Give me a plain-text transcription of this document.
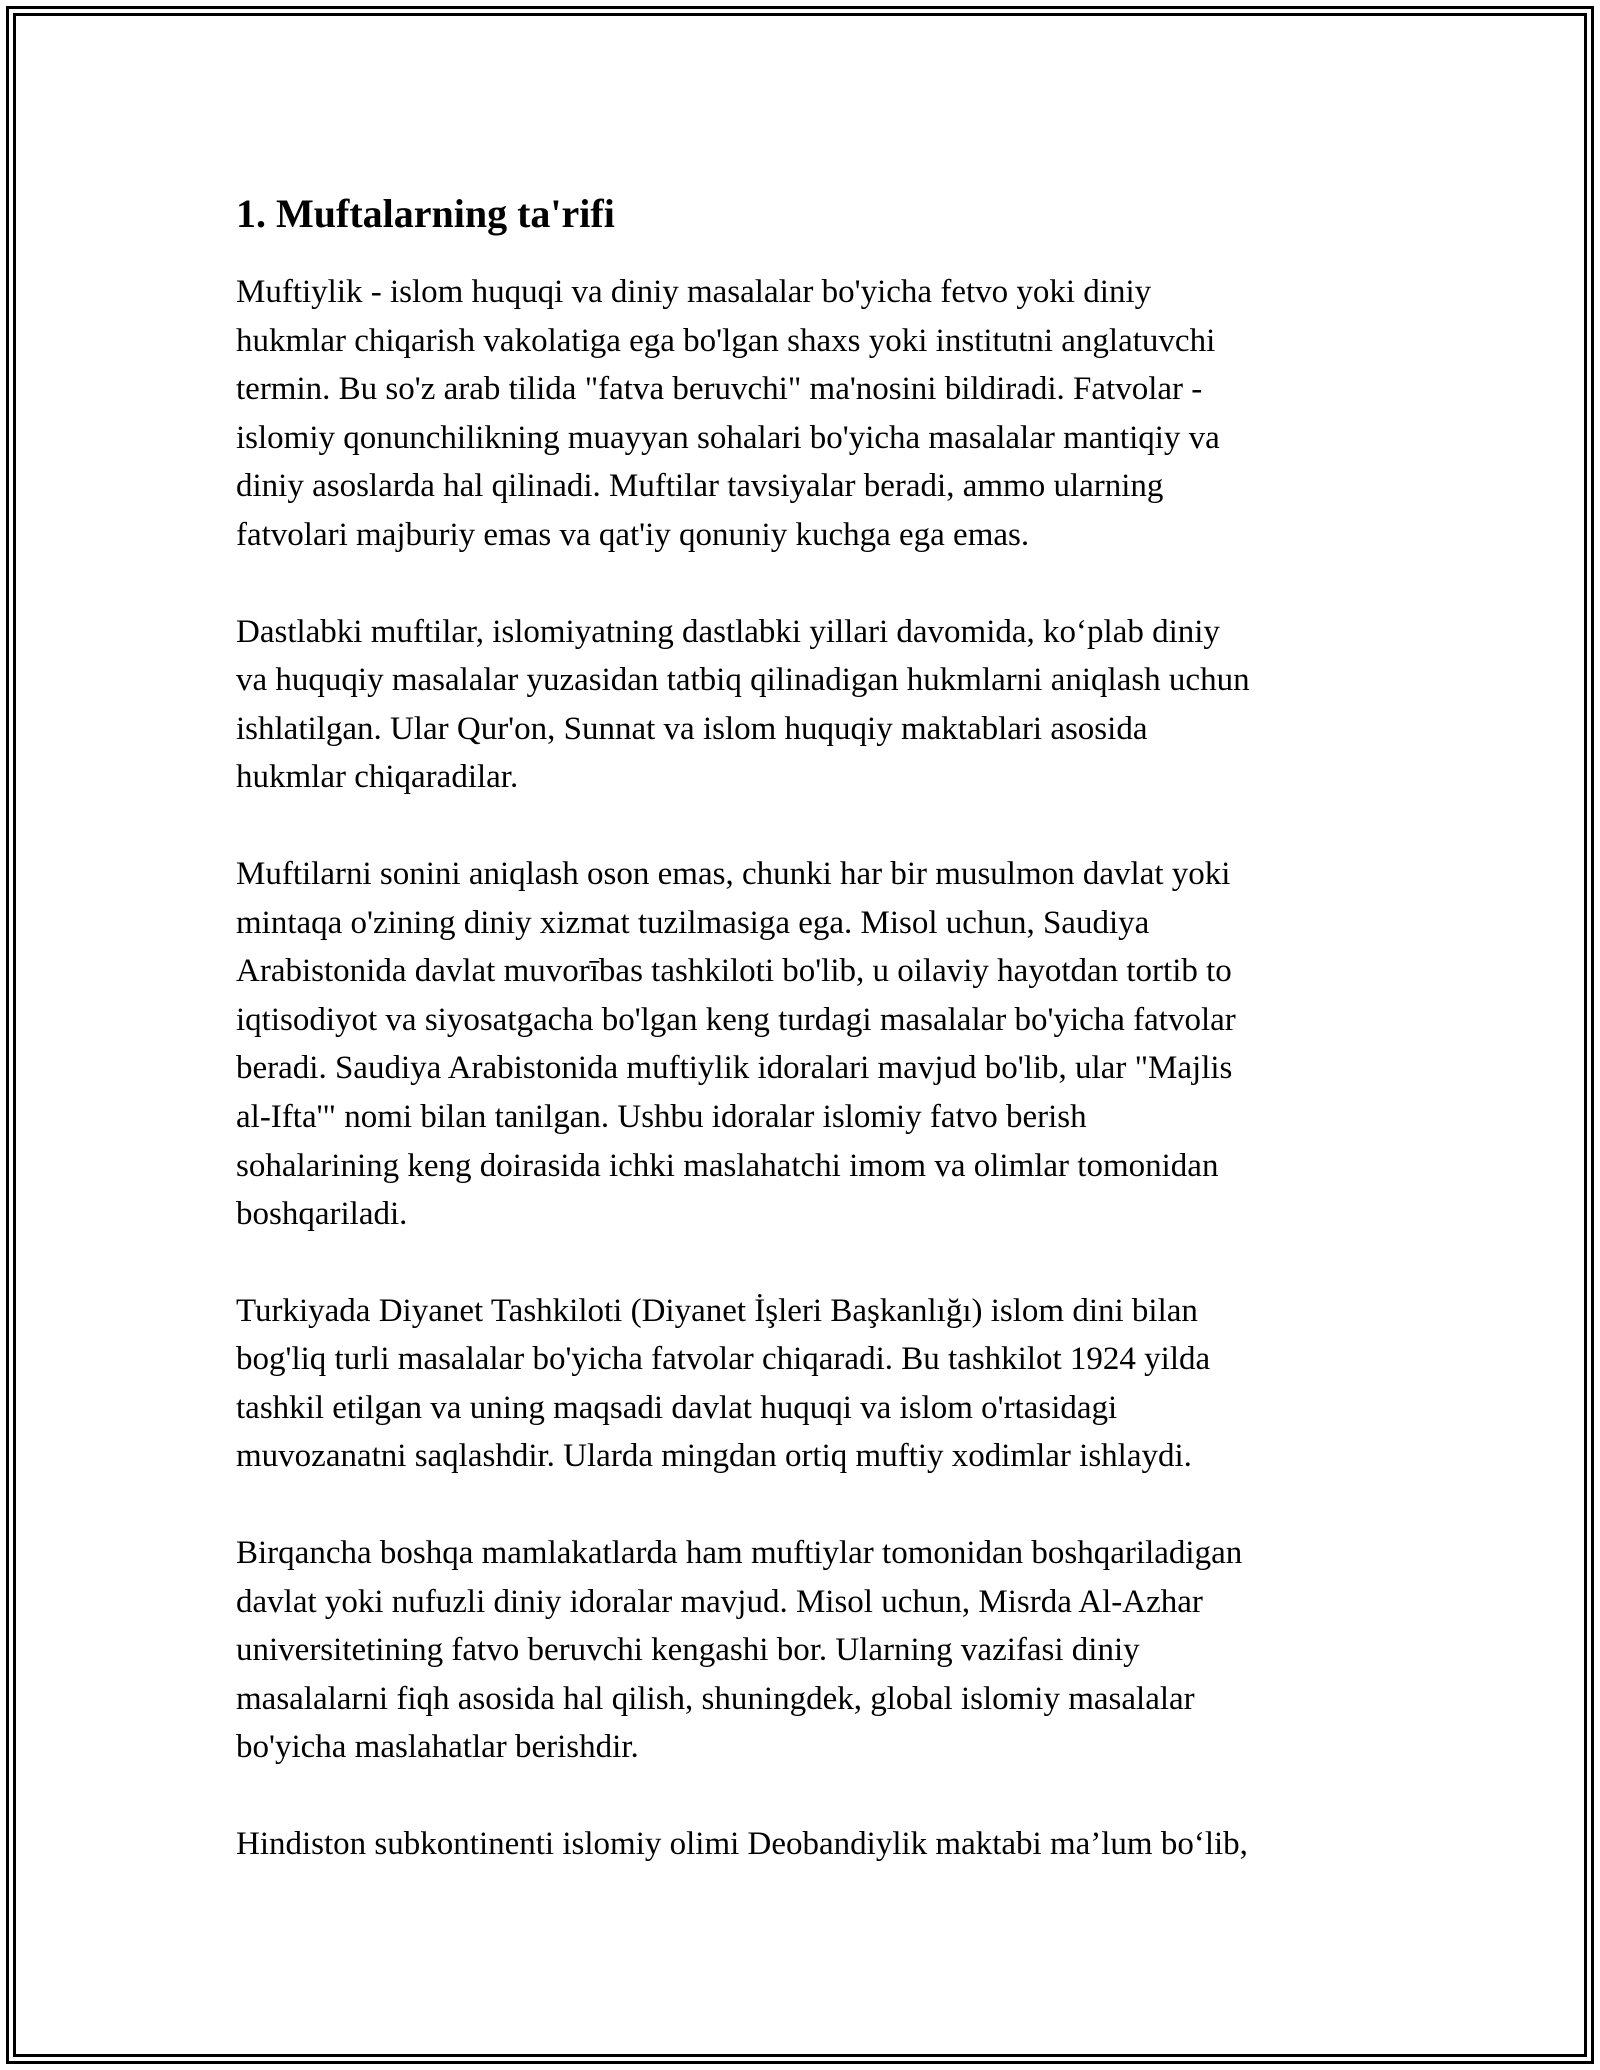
1. Muftalarning ta'rifi

Muftiylik - islom huquqi va diniy masalalar bo'yicha fetvo yoki diniy
hukmlar chiqarish vakolatiga ega bo'lgan shaxs yoki institutni anglatuvchi
termin. Bu so'z arab tilida "fatva beruvchi" ma'nosini bildiradi. Fatvolar -
islomiy qonunchilikning muayyan sohalari bo'yicha masalalar mantiqiy va
diniy asoslarda hal qilinadi. Muftilar tavsiyalar beradi, ammo ularning
fatvolari majburiy emas va qat'iy qonuniy kuchga ega emas.

Dastlabki muftilar, islomiyatning dastlabki yillari davomida, ko‘plab diniy
va huquqiy masalalar yuzasidan tatbiq qilinadigan hukmlarni aniqlash uchun
ishlatilgan. Ular Qur'on, Sunnat va islom huquqiy maktablari asosida
hukmlar chiqaradilar.

Muftilarni sonini aniqlash oson emas, chunki har bir musulmon davlat yoki
mintaqa o'zining diniy xizmat tuzilmasiga ega. Misol uchun, Saudiya
Arabistonida davlat muvorības tashkiloti bo'lib, u oilaviy hayotdan tortib to
iqtisodiyot va siyosatgacha bo'lgan keng turdagi masalalar bo'yicha fatvolar
beradi. Saudiya Arabistonida muftiylik idoralari mavjud bo'lib, ular "Majlis
al-Ifta'" nomi bilan tanilgan. Ushbu idoralar islomiy fatvo berish
sohalarining keng doirasida ichki maslahatchi imom va olimlar tomonidan
boshqariladi.

Turkiyada Diyanet Tashkiloti (Diyanet İşleri Başkanlığı) islom dini bilan
bog'liq turli masalalar bo'yicha fatvolar chiqaradi. Bu tashkilot 1924 yilda
tashkil etilgan va uning maqsadi davlat huquqi va islom o'rtasidagi
muvozanatni saqlashdir. Ularda mingdan ortiq muftiy xodimlar ishlaydi.

Birqancha boshqa mamlakatlarda ham muftiylar tomonidan boshqariladigan
davlat yoki nufuzli diniy idoralar mavjud. Misol uchun, Misrda Al-Azhar
universitetining fatvo beruvchi kengashi bor. Ularning vazifasi diniy
masalalarni fiqh asosida hal qilish, shuningdek, global islomiy masalalar
bo'yicha maslahatlar berishdir.

Hindiston subkontinenti islomiy olimi Deobandiylik maktabi ma’lum bo‘lib,
